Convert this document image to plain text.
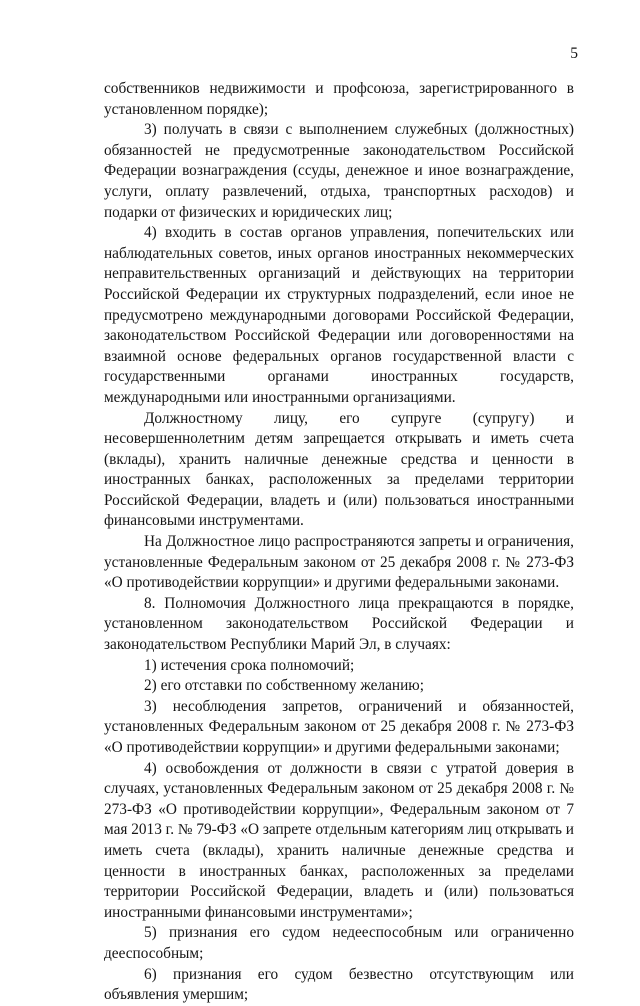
5

собственников недвижимости и профсоюза, зарегистрированного в установленном порядке);

3) получать в связи с выполнением служебных (должностных) обязанностей не предусмотренные законодательством Российской Федерации вознаграждения (ссуды, денежное и иное вознаграждение, услуги, оплату развлечений, отдыха, транспортных расходов) и подарки от физических и юридических лиц;

4) входить в состав органов управления, попечительских или наблюдательных советов, иных органов иностранных некоммерческих неправительственных организаций и действующих на территории Российской Федерации их структурных подразделений, если иное не предусмотрено международными договорами Российской Федерации, законодательством Российской Федерации или договоренностями на взаимной основе федеральных органов государственной власти с государственными органами иностранных государств, международными или иностранными организациями.

Должностному лицу, его супруге (супругу) и несовершеннолетним детям запрещается открывать и иметь счета (вклады), хранить наличные денежные средства и ценности в иностранных банках, расположенных за пределами территории Российской Федерации, владеть и (или) пользоваться иностранными финансовыми инструментами.

На Должностное лицо распространяются запреты и ограничения, установленные Федеральным законом от 25 декабря 2008 г. № 273-ФЗ «О противодействии коррупции» и другими федеральными законами.

8. Полномочия Должностного лица прекращаются в порядке, установленном законодательством Российской Федерации и законодательством Республики Марий Эл, в случаях:

1) истечения срока полномочий;

2) его отставки по собственному желанию;

3) несоблюдения запретов, ограничений и обязанностей, установленных Федеральным законом от 25 декабря 2008 г. № 273-ФЗ «О противодействии коррупции» и другими федеральными законами;

4) освобождения от должности в связи с утратой доверия в случаях, установленных Федеральным законом от 25 декабря 2008 г. № 273-ФЗ «О противодействии коррупции», Федеральным законом от 7 мая 2013 г. № 79-ФЗ «О запрете отдельным категориям лиц открывать и иметь счета (вклады), хранить наличные денежные средства и ценности в иностранных банках, расположенных за пределами территории Российской Федерации, владеть и (или) пользоваться иностранными финансовыми инструментами»;

5) признания его судом недееспособным или ограниченно дееспособным;

6) признания его судом безвестно отсутствующим или объявления умершим;
